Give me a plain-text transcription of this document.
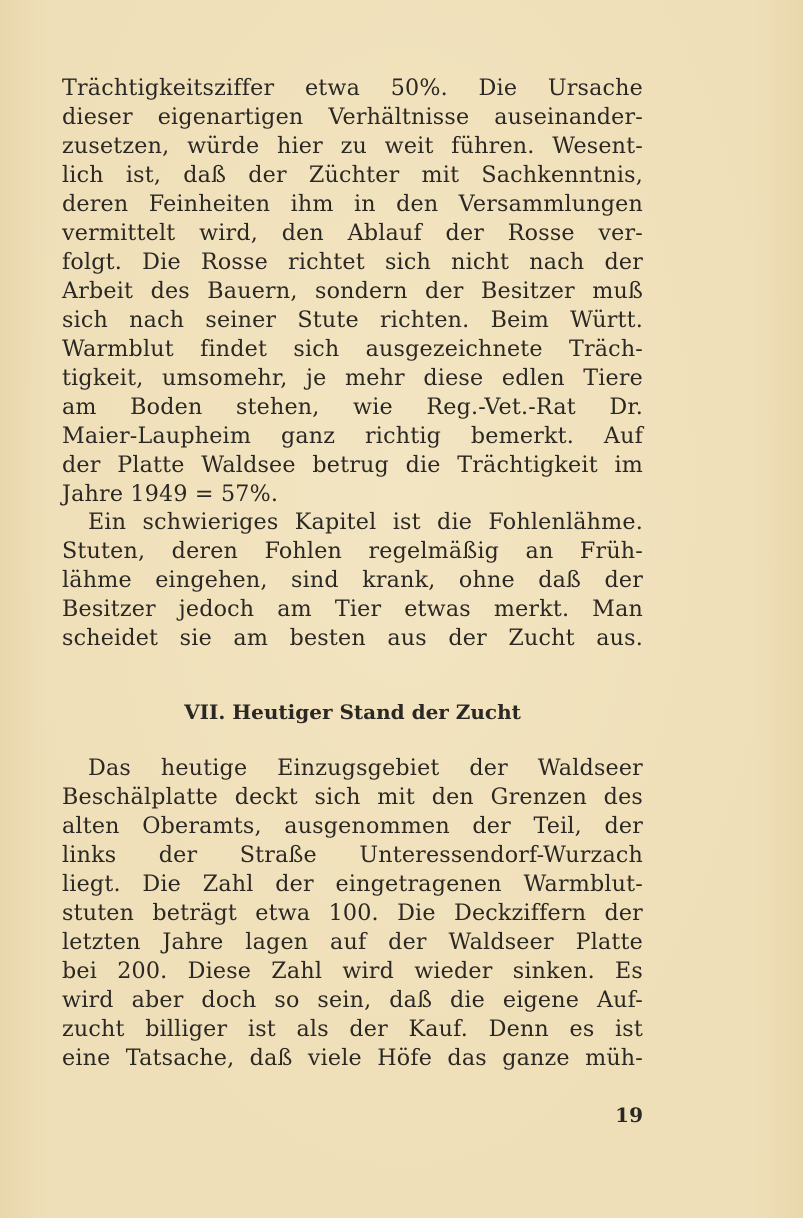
Trächtigkeitsziffer etwa 50%. Die Ursache
dieser eigenartigen Verhältnisse auseinander-
zusetzen, würde hier zu weit führen. Wesent-
lich ist, daß der Züchter mit Sachkenntnis,
deren Feinheiten ihm in den Versammlungen
vermittelt wird, den Ablauf der Rosse ver-
folgt. Die Rosse richtet sich nicht nach der
Arbeit des Bauern, sondern der Besitzer muß
sich nach seiner Stute richten. Beim Württ.
Warmblut findet sich ausgezeichnete Träch-
tigkeit, umsomehr, je mehr diese edlen Tiere
am Boden stehen, wie Reg.-Vet.-Rat Dr.
Maier-Laupheim ganz richtig bemerkt. Auf
der Platte Waldsee betrug die Trächtigkeit im
Jahre 1949 = 57%.
Ein schwieriges Kapitel ist die Fohlenlähme.
Stuten, deren Fohlen regelmäßig an Früh-
lähme eingehen, sind krank, ohne daß der
Besitzer jedoch am Tier etwas merkt. Man
scheidet sie am besten aus der Zucht aus.
VII. Heutiger Stand der Zucht
Das heutige Einzugsgebiet der Waldseer
Beschälplatte deckt sich mit den Grenzen des
alten Oberamts, ausgenommen der Teil, der
links der Straße Unteressendorf-Wurzach
liegt. Die Zahl der eingetragenen Warmblut-
stuten beträgt etwa 100. Die Deckziffern der
letzten Jahre lagen auf der Waldseer Platte
bei 200. Diese Zahl wird wieder sinken. Es
wird aber doch so sein, daß die eigene Auf-
zucht billiger ist als der Kauf. Denn es ist
eine Tatsache, daß viele Höfe das ganze müh-
19
